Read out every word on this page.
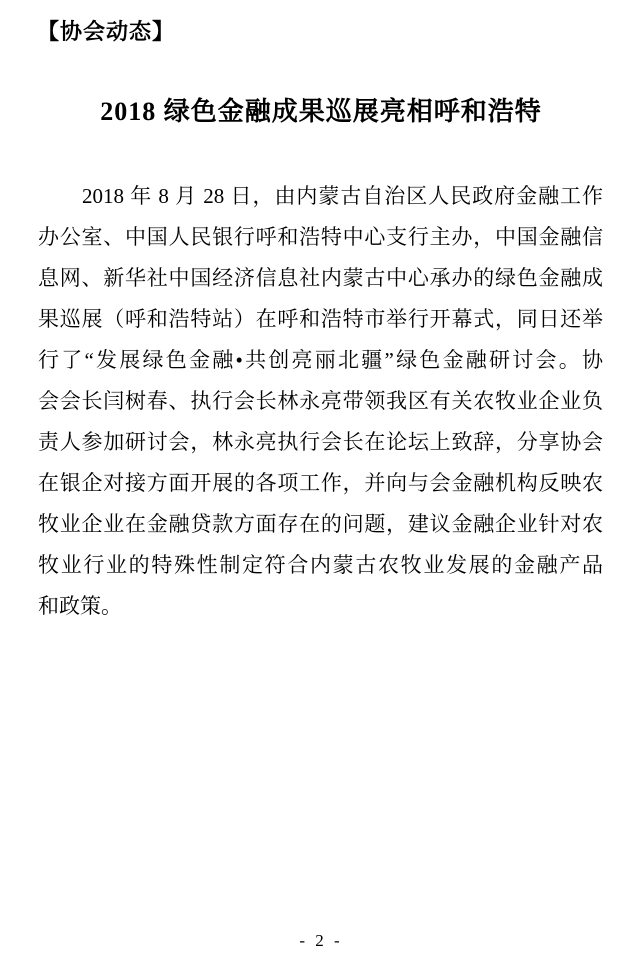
【协会动态】
2018 绿色金融成果巡展亮相呼和浩特
2018 年 8 月 28 日，由内蒙古自治区人民政府金融工作
办公室、中国人民银行呼和浩特中心支行主办，中国金融信
息网、新华社中国经济信息社内蒙古中心承办的绿色金融成
果巡展（呼和浩特站）在呼和浩特市举行开幕式，同日还举
行了“发展绿色金融•共创亮丽北疆”绿色金融研讨会。协
会会长闫树春、执行会长林永亮带领我区有关农牧业企业负
责人参加研讨会，林永亮执行会长在论坛上致辞，分享协会
在银企对接方面开展的各项工作，并向与会金融机构反映农
牧业企业在金融贷款方面存在的问题，建议金融企业针对农
牧业行业的特殊性制定符合内蒙古农牧业发展的金融产品
和政策。
- 2 -
